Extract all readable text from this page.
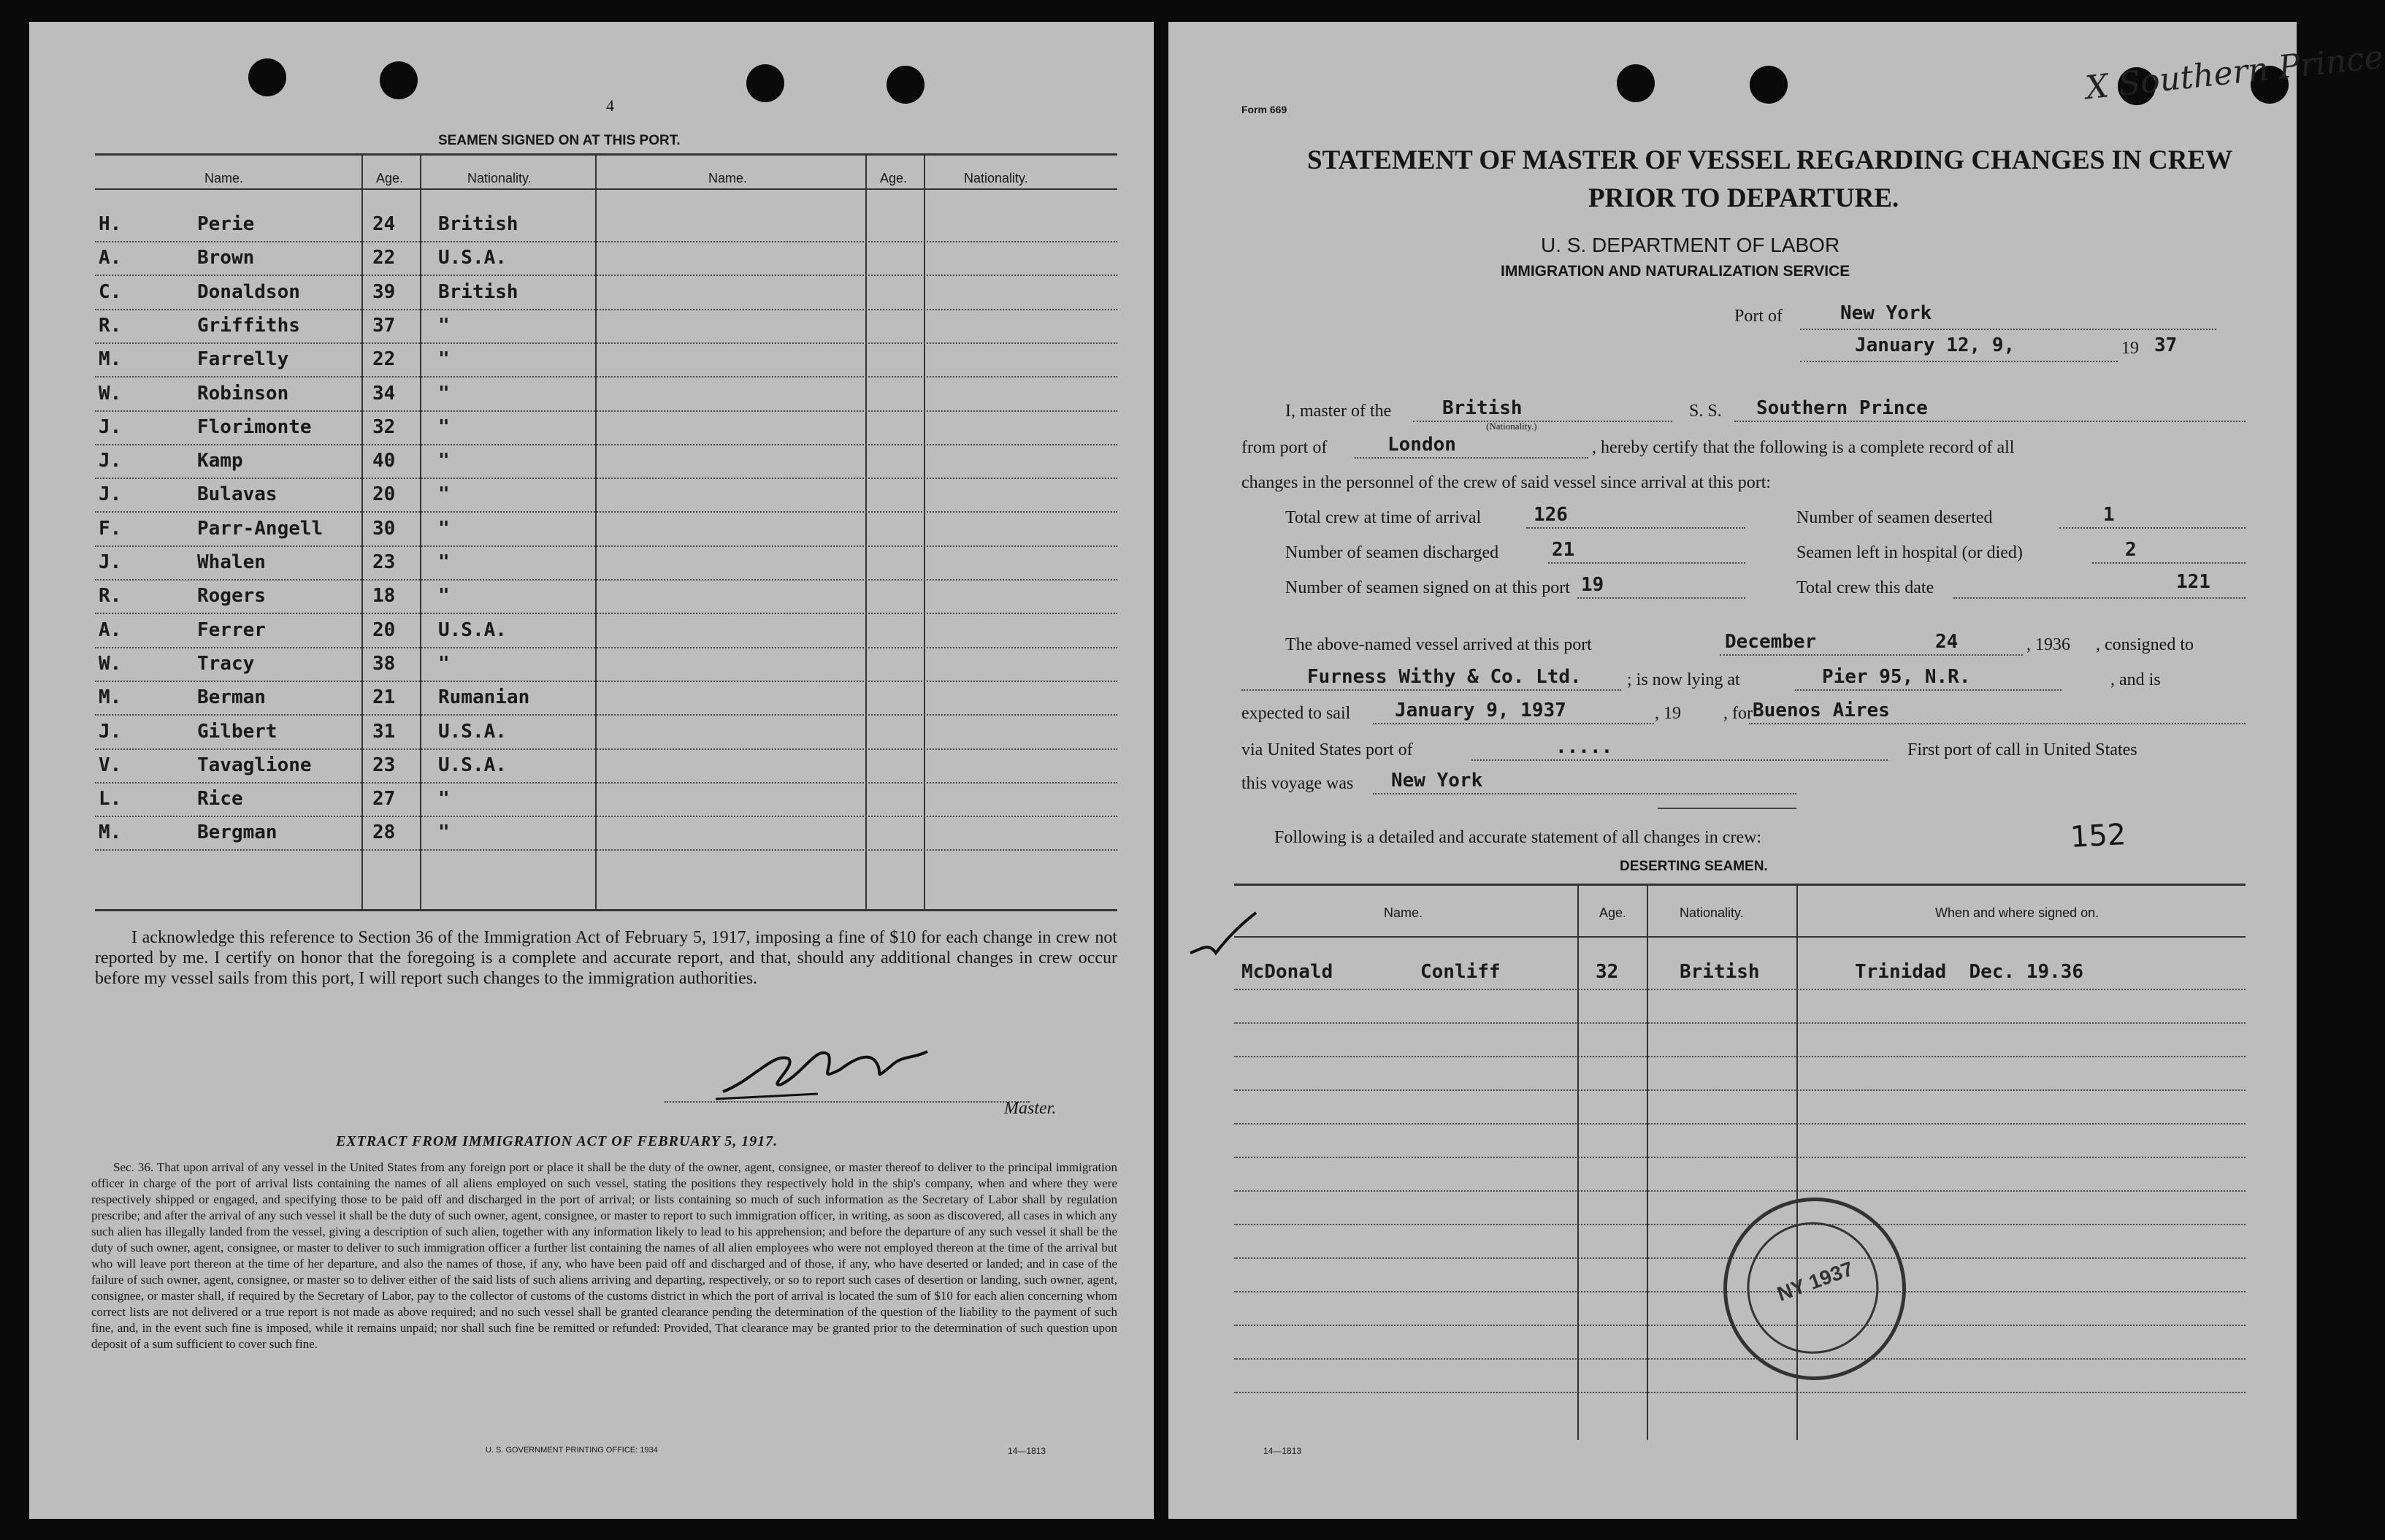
4
SEAMEN SIGNED ON AT THIS PORT.
Name.	Age.	Nationality.	Name.	Age.	Nationality.
H.	Perie	24 British
A.	Brown	22 U.S.A.
C.	Donaldson	39 British
R.	Griffiths	37 "
M.	Farrelly	22 "
W.	Robinson	34 "
J.	Florimonte	32 "
J.	Kamp	40 "
J.	Bulavas	20 "
F.	Parr-Angell	30 "
J.	Whalen	23 "
R.	Rogers	18 "
A.	Ferrer	20 U.S.A.
W.	Tracy	38 "
M.	Berman	21 Rumanian
J.	Gilbert	31 U.S.A.
V.	Tavaglione	23 U.S.A.
L.	Rice	27 "
M.	Bergman	28 "
I acknowledge this reference to Section 36 of the Immigration Act of February 5, 1917, imposing a fine of $10 for each change in crew not reported by me. I certify on honor that the foregoing is a complete and accurate report, and that, should any additional changes in crew occur before my vessel sails from this port, I will report such changes to the immigration authorities.
Master.
EXTRACT FROM IMMIGRATION ACT OF FEBRUARY 5, 1917.
Sec. 36. That upon arrival of any vessel in the United States from any foreign port or place it shall be the duty of the owner, agent, consignee, or master thereof to deliver to the principal immigration officer in charge of the port of arrival lists containing the names of all aliens employed on such vessel, stating the positions they respectively hold in the ship's company, when and where they were respectively shipped or engaged, and specifying those to be paid off and discharged in the port of arrival; or lists containing so much of such information as the Secretary of Labor shall by regulation prescribe; and after the arrival of any such vessel it shall be the duty of such owner, agent, consignee, or master to report to such immigration officer, in writing, as soon as discovered, all cases in which any such alien has illegally landed from the vessel, giving a description of such alien, together with any information likely to lead to his apprehension; and before the departure of any such vessel it shall be the duty of such owner, agent, consignee, or master to deliver to such immigration officer a further list containing the names of all alien employees who were not employed thereon at the time of the arrival but who will leave port thereon at the time of her departure, and also the names of those, if any, who have been paid off and discharged and of those, if any, who have deserted or landed; and in case of the failure of such owner, agent, consignee, or master so to deliver either of the said lists of such aliens arriving and departing, respectively, or so to report such cases of desertion or landing, such owner, agent, consignee, or master shall, if required by the Secretary of Labor, pay to the collector of customs of the customs district in which the port of arrival is located the sum of $10 for each alien concerning whom correct lists are not delivered or a true report is not made as above required; and no such vessel shall be granted clearance pending the determination of the question of the liability to the payment of such fine, and, in the event such fine is imposed, while it remains unpaid; nor shall such fine be remitted or refunded: Provided, That clearance may be granted prior to the determination of such question upon deposit of a sum sufficient to cover such fine.
U. S. GOVERNMENT PRINTING OFFICE: 1934	14—1813
Form 669
X Southern Prince
STATEMENT OF MASTER OF VESSEL REGARDING CHANGES IN CREW
PRIOR TO DEPARTURE.
U. S. DEPARTMENT OF LABOR
IMMIGRATION AND NATURALIZATION SERVICE
Port of	New York
January 12, 9,	19 37
I, master of the	British
(Nationality.)
S. S. Southern Prince
from port of	London	, hereby certify that the following is a complete record of all
changes in the personnel of the crew of said vessel since arrival at this port:
Total crew at time of arrival	126	Number of seamen deserted	1
Number of seamen discharged	21	Seamen left in hospital (or died)	2
Number of seamen signed on at this port 19	Total crew this date	121
The above-named vessel arrived at this port	December	24	, 1936 , consigned to
Furness Withy & Co. Ltd.	; is now lying at	Pier 95, N.R.	, and is
expected to sail January 9, 1937	, 19 , for Buenos Aires
via United States port of	.....	First port of call in United States
this voyage was New York
Following is a detailed and accurate statement of all changes in crew:	152
DESERTING SEAMEN.
Name.	Age.	Nationality.	When and where signed on.
McDonald	Conliff	32	British	Trinidad  Dec. 19.36
NY 1937
14—1813
